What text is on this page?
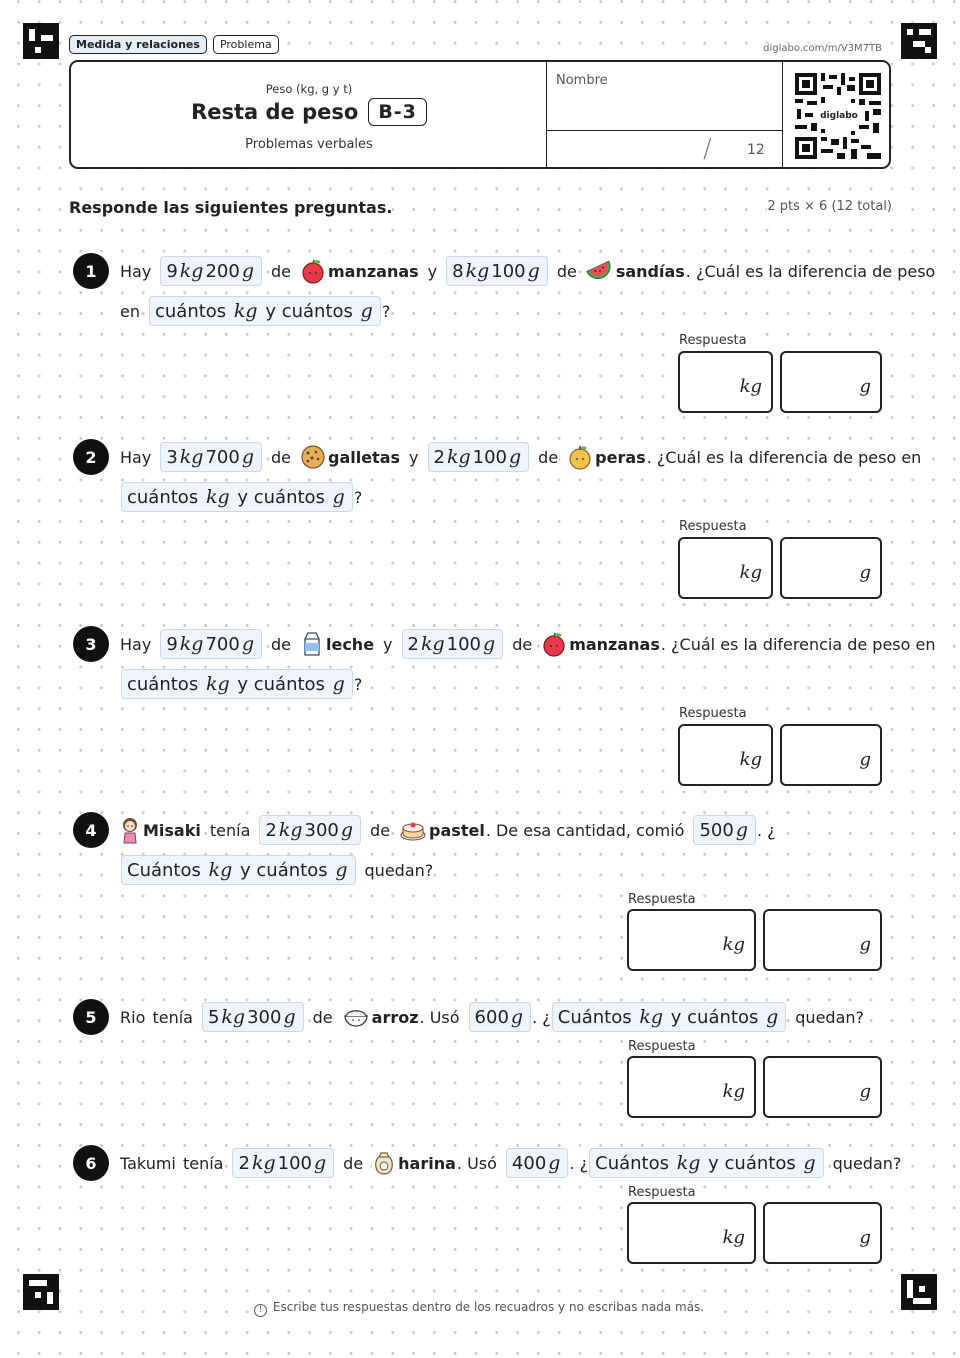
Medida y relaciones	Problema	diglabo.com/m/V3M7TB
Peso (kg, g y t)
Resta de peso	B-3
Problemas verbales
Nombre
/	12
diglabo
Responde las siguientes preguntas.	2 pts × 6 (12 total)
1	Hay 9 kg 200 g de manzanas y 8 kg 100 g de sandías . ¿Cuál es la diferencia de peso
en cuántos
kg
y cuántos
g ?
Respuesta
kg	g
2	Hay 3 kg 700 g de galletas y 2 kg 100 g de peras . ¿Cuál es la diferencia de peso en
cuántos
kg
y cuántos
g ?
Respuesta
kg	g
3	Hay 9 kg 700 g de leche y 2 kg 100 g de manzanas . ¿Cuál es la diferencia de peso en
cuántos
kg
y cuántos
g ?
Respuesta
kg	g
4	Misaki tenía 2 kg 300 g de pastel . De esa cantidad, comió 500 g . ¿
Cuántos
kg
y cuántos
g quedan?
Respuesta
kg	g
5	Rio
tenía 5 kg 300 g de arroz . Usó 600 g . ¿ Cuántos
kg
y cuántos
g quedan?
Respuesta
kg	g
6	Takumi
tenía 2 kg 100 g de harina . Usó 400 g . ¿ Cuántos
kg
y cuántos
g quedan?
Respuesta
kg	g
! Escribe tus respuestas dentro de los recuadros y no escribas nada más.
